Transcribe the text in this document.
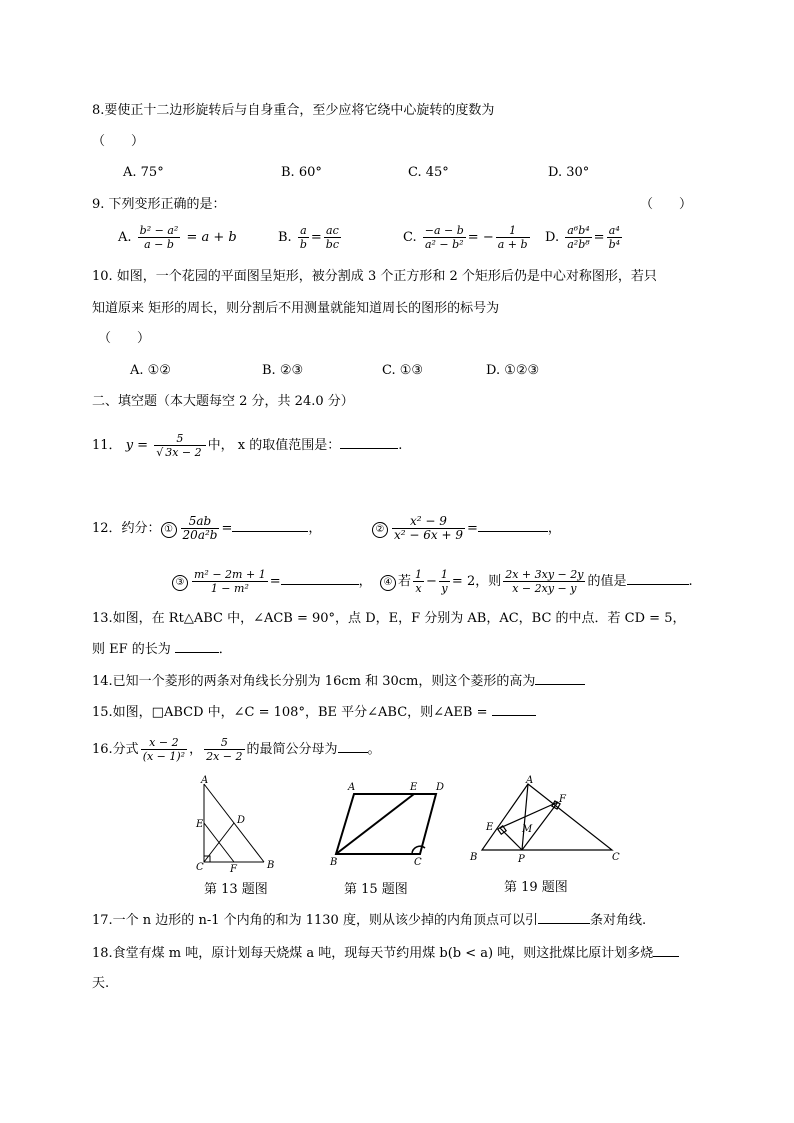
8.要使正十二边形旋转后与自身重合，至少应将它绕中心旋转的度数为
（　　）
A. 75°	B. 60°	C. 45°	D. 30°
9. 下列变形正确的是：	（　　）
A. $\frac{\text{b² − a²}}{a - b} = a + b$	B. $\frac{a}{b} = \frac{ac}{bc}$	C. $\frac{-a - b}{\text{a² − b²}}$ = − $\frac{1}{a + b} D$. $\frac{\text{a⁶b⁴}}{\text{a²b⁸}} = \frac{\text{a⁴}}{\text{b⁴}}$
10. 如图，一个花园的平面图呈矩形，被分割成 3 个正方形和 2 个矩形后仍是中心对称图形，若只
知道原来 矩形的周长，则分割后不用测量就能知道周长的图形的标号为
（　　）
A. ①②	B. ②③	C. ①③	D. ①②③
二、填空题（本大题每空 2 分，共 24.0 分）
11． $y = \frac{5}{√ 3x - 2}$ 中， x 的取值范围是：	.
12．约分： ① $\frac{5ab}{\text{20a²b}}$ =	，	② $\frac{\text{x² − 9}}{\text{x² − 6x + 9}}$ =	，
③ $\frac{\text{m² − 2m + 1}}{\text{1 − m²}}$ =	，	④ 若 $\frac{1}{x} - \frac{1}{y} = 2$，则 $\frac{2x + 3xy - 2y}{x - 2xy - y}$ 的值是	.
13.如图，在 Rt△ABC 中，∠ACB = 90°，点 D，E，F 分别为 AB，AC，BC 的中点．若 CD = 5，
则 EF 的长为	．
14.已知一个菱形的两条对角线长分别为 16cm 和 30cm，则这个菱形的高为
15.如图，□ABCD 中，∠C = 108°，BE 平分∠ABC，则∠AEB =
16.分式 $\frac{x - 2}{\text{(x − 1)²}}$ ， $\frac{5}{2x - 2}$ 的最简公分母为 。
A
B
C
D
E
F
第 13 题图
A	E D
B	C
第 15 题图
A
B	C
E
F
M
P
第 19 题图
17.一个 n 边形的 n-1 个内角的和为 1130 度，则从该少掉的内角顶点可以引	条对角线.
18.食堂有煤 m 吨，原计划每天烧煤 a 吨，现每天节约用煤 b(b < a) 吨，则这批煤比原计划多烧
天.
